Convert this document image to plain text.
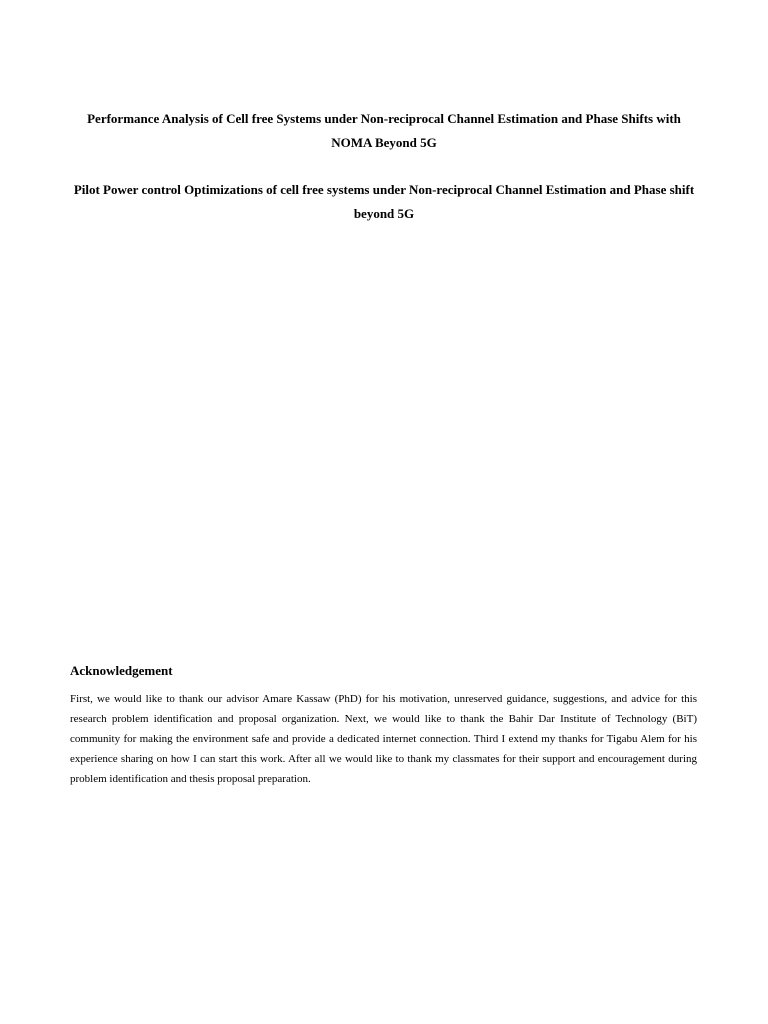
Performance Analysis of Cell free Systems under Non-reciprocal Channel Estimation and Phase Shifts with NOMA Beyond 5G

Pilot Power control Optimizations of cell free systems under Non-reciprocal Channel Estimation and Phase shift beyond 5G

Acknowledgement

First, we would like to thank our advisor Amare Kassaw (PhD) for his motivation, unreserved guidance, suggestions, and advice for this research problem identification and proposal organization. Next, we would like to thank the Bahir Dar Institute of Technology (BiT) community for making the environment safe and provide a dedicated internet connection. Third I extend my thanks for Tigabu Alem for his experience sharing on how I can start this work. After all we would like to thank my classmates for their support and encouragement during problem identification and thesis proposal preparation.
